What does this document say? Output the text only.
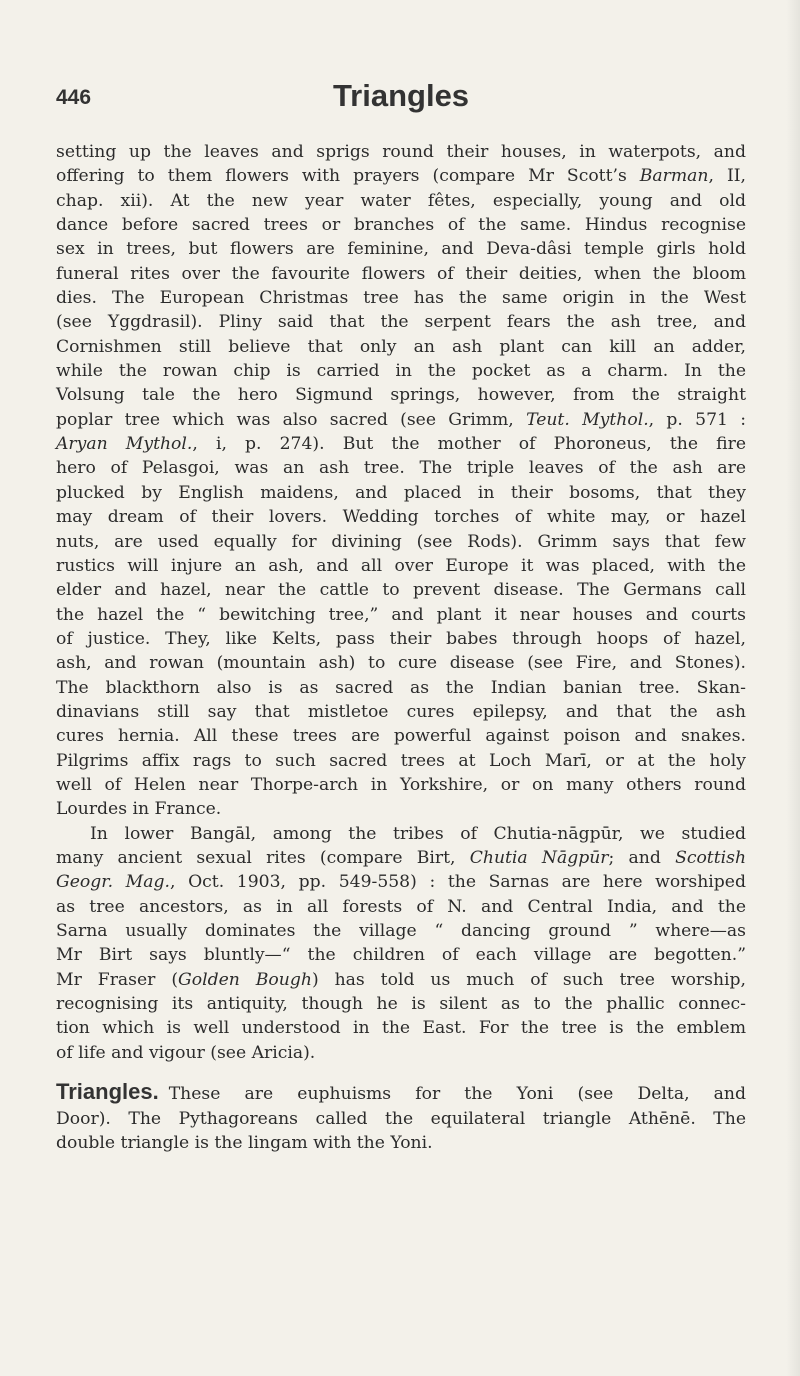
446	Triangles
setting up the leaves and sprigs round their houses, in waterpots, and
offering to them flowers with prayers (compare Mr Scott’s Barman, II,
chap. xii). At the new year water fêtes, especially, young and old
dance before sacred trees or branches of the same. Hindus recognise
sex in trees, but flowers are feminine, and Deva-dâsi temple girls hold
funeral rites over the favourite flowers of their deities, when the bloom
dies. The European Christmas tree has the same origin in the West
(see Yggdrasil). Pliny said that the serpent fears the ash tree, and
Cornishmen still believe that only an ash plant can kill an adder,
while the rowan chip is carried in the pocket as a charm. In the
Volsung tale the hero Sigmund springs, however, from the straight
poplar tree which was also sacred (see Grimm, Teut. Mythol., p. 571 :
Aryan Mythol., i, p. 274). But the mother of Phoroneus, the fire
hero of Pelasgoi, was an ash tree. The triple leaves of the ash are
plucked by English maidens, and placed in their bosoms, that they
may dream of their lovers. Wedding torches of white may, or hazel
nuts, are used equally for divining (see Rods). Grimm says that few
rustics will injure an ash, and all over Europe it was placed, with the
elder and hazel, near the cattle to prevent disease. The Germans call
the hazel the “ bewitching tree,” and plant it near houses and courts
of justice. They, like Kelts, pass their babes through hoops of hazel,
ash, and rowan (mountain ash) to cure disease (see Fire, and Stones).
The blackthorn also is as sacred as the Indian banian tree. Skan-
dinavians still say that mistletoe cures epilepsy, and that the ash
cures hernia. All these trees are powerful against poison and snakes.
Pilgrims affix rags to such sacred trees at Loch Marī, or at the holy
well of Helen near Thorpe-arch in Yorkshire, or on many others round
Lourdes in France.
In lower Bangāl, among the tribes of Chutia-nāgpūr, we studied
many ancient sexual rites (compare Birt, Chutia Nāgpūr; and Scottish
Geogr. Mag., Oct. 1903, pp. 549-558) : the Sarnas are here worshiped
as tree ancestors, as in all forests of N. and Central India, and the
Sarna usually dominates the village “ dancing ground ” where—as
Mr Birt says bluntly—“ the children of each village are begotten.”
Mr Fraser (Golden Bough) has told us much of such tree worship,
recognising its antiquity, though he is silent as to the phallic connec-
tion which is well understood in the East. For the tree is the emblem
of life and vigour (see Aricia).
Triangles. These are euphuisms for the Yoni (see Delta, and
Door). The Pythagoreans called the equilateral triangle Athēnē. The
double triangle is the lingam with the Yoni.
